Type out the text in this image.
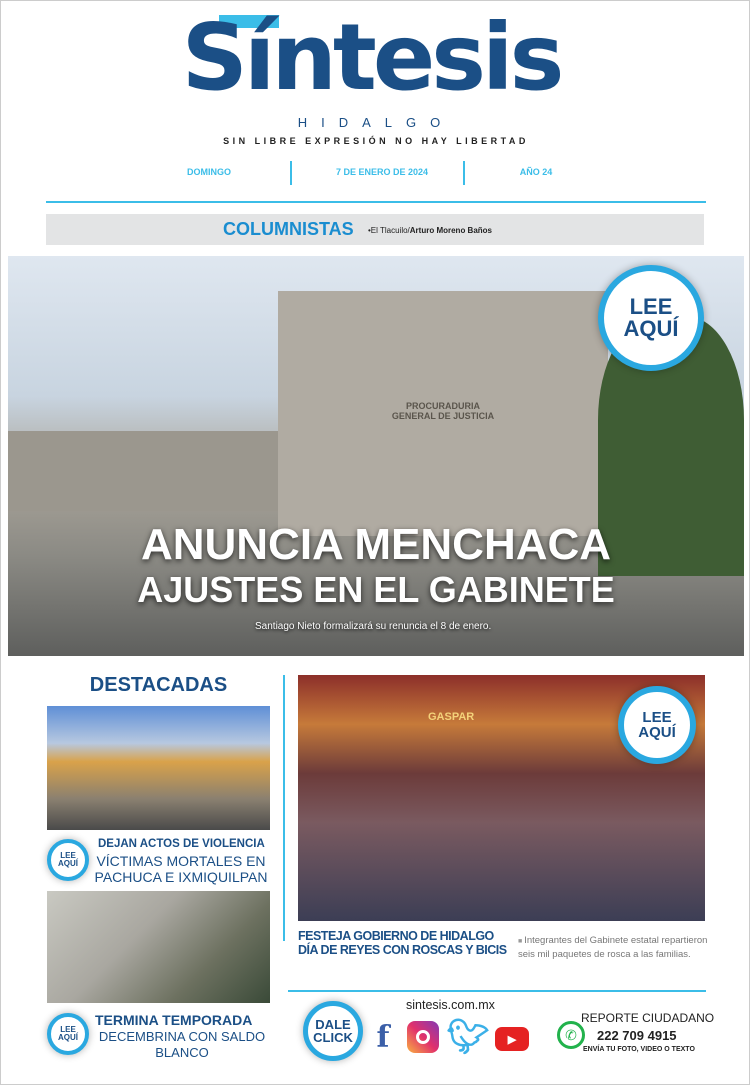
Síntesis
HIDALGO
SIN LIBRE EXPRESIÓN NO HAY LIBERTAD
DOMINGO	7 DE ENERO DE 2024	AÑO 24
COLUMNISTAS •El Tlacuilo/Arturo Moreno Baños
PROCURADURIA GENERAL DE JUSTICIA
LEE
AQUÍ
ANUNCIA MENCHACA
AJUSTES EN EL GABINETE
Santiago Nieto formalizará su renuncia el 8 de enero.
DESTACADAS
LEE
AQUÍ
DEJAN ACTOS DE VIOLENCIA
VÍCTIMAS MORTALES EN PACHUCA E IXMIQUILPAN
LEE
AQUÍ
TERMINA TEMPORADA
DECEMBRINA CON SALDO BLANCO
GASPAR	LEE
AQUÍ
FESTEJA GOBIERNO DE HIDALGO
DÍA DE REYES CON ROSCAS Y BICIS
■ Integrantes del Gabinete estatal repartieron seis mil paquetes de rosca a las familias.
DALE
CLICK
sintesis.com.mx
f 🐦︎	▶	✆
REPORTE CIUDADANO
222 709 4915
ENVÍA TU FOTO, VIDEO O TEXTO
